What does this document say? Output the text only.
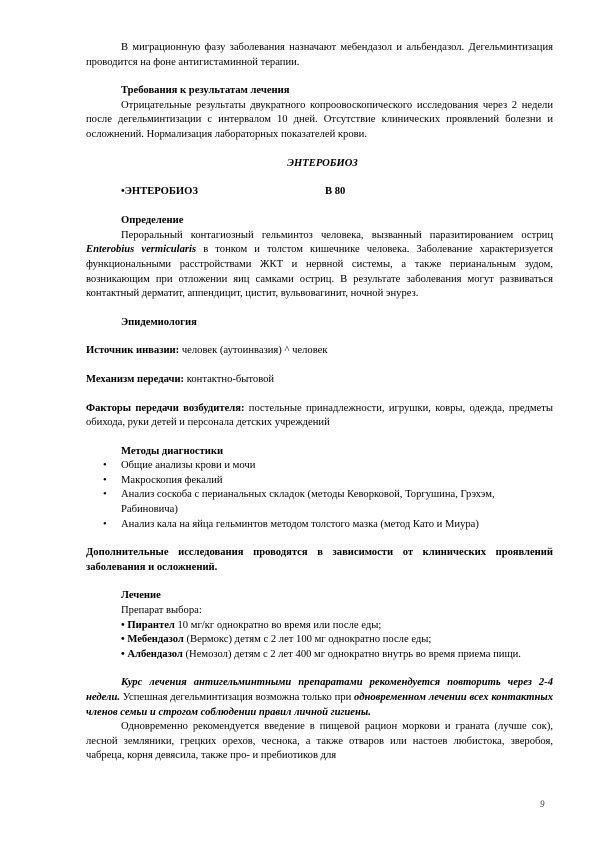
В миграционную фазу заболевания назначают мебендазол и альбендазол. Дегельминтизация проводится на фоне антигистаминной терапии.

Требования к результатам лечения

Отрицательные результаты двукратного копроовоскопического исследования через 2 недели после дегельминтизации с интервалом 10 дней. Отсутствие клинических проявлений болезни и осложнений. Нормализация лабораторных показателей крови.

ЭНТЕРОБИОЗ

•ЭНТЕРОБИОЗ	В 80

Определение

Пероральный контагиозный гельминтоз человека, вызванный паразитированием остриц Enterobius vermicularis в тонком и толстом кишечнике человека. Заболевание характеризуется функциональными расстройствами ЖКТ и нервной системы, а также перианальным зудом, возникающим при отложении яиц самками остриц. В результате заболевания могут развиваться контактный дерматит, аппендицит, цистит, вульвовагинит, ночной энурез.

Эпидемиология

Источник инвазии: человек (аутоинвазия) ^ человек

Механизм передачи: контактно-бытовой

Факторы передачи возбудителя: постельные принадлежности, игрушки, ковры, одежда, предметы обихода, руки детей и персонала детских учреждений

Методы диагностики

• Общие анализы крови и мочи
• Макроскопия фекалий
• Анализ соскоба с перианальных складок (методы Кеворковой, Торгушина, Грэхэм, Рабиновича)
• Анализ кала на яйца гельминтов методом толстого мазка (метод Като и Миура)

Дополнительные исследования проводятся в зависимости от клинических проявлений заболевания и осложнений.

Лечение

Препарат выбора:

• Пирантел 10 мг/кг однократно во время или после еды;

• Мебендазол (Вермокс) детям с 2 лет 100 мг однократно после еды;

• Албендазол (Немозол) детям с 2 лет 400 мг однократно внутрь во время приема пищи.

Курс лечения антигельминтными препаратами рекомендуется повторить через 2-4 недели. Успешная дегельминтизация возможна только при одновременном лечении всех контактных членов семьи и строгом соблюдении правил личной гигиены.

Одновременно рекомендуется введение в пищевой рацион моркови и граната (лучше сок), лесной земляники, грецких орехов, чеснока, а также отваров или настоев любистока, зверобоя, чабреца, корня девясила, также про- и пребиотиков для

9
